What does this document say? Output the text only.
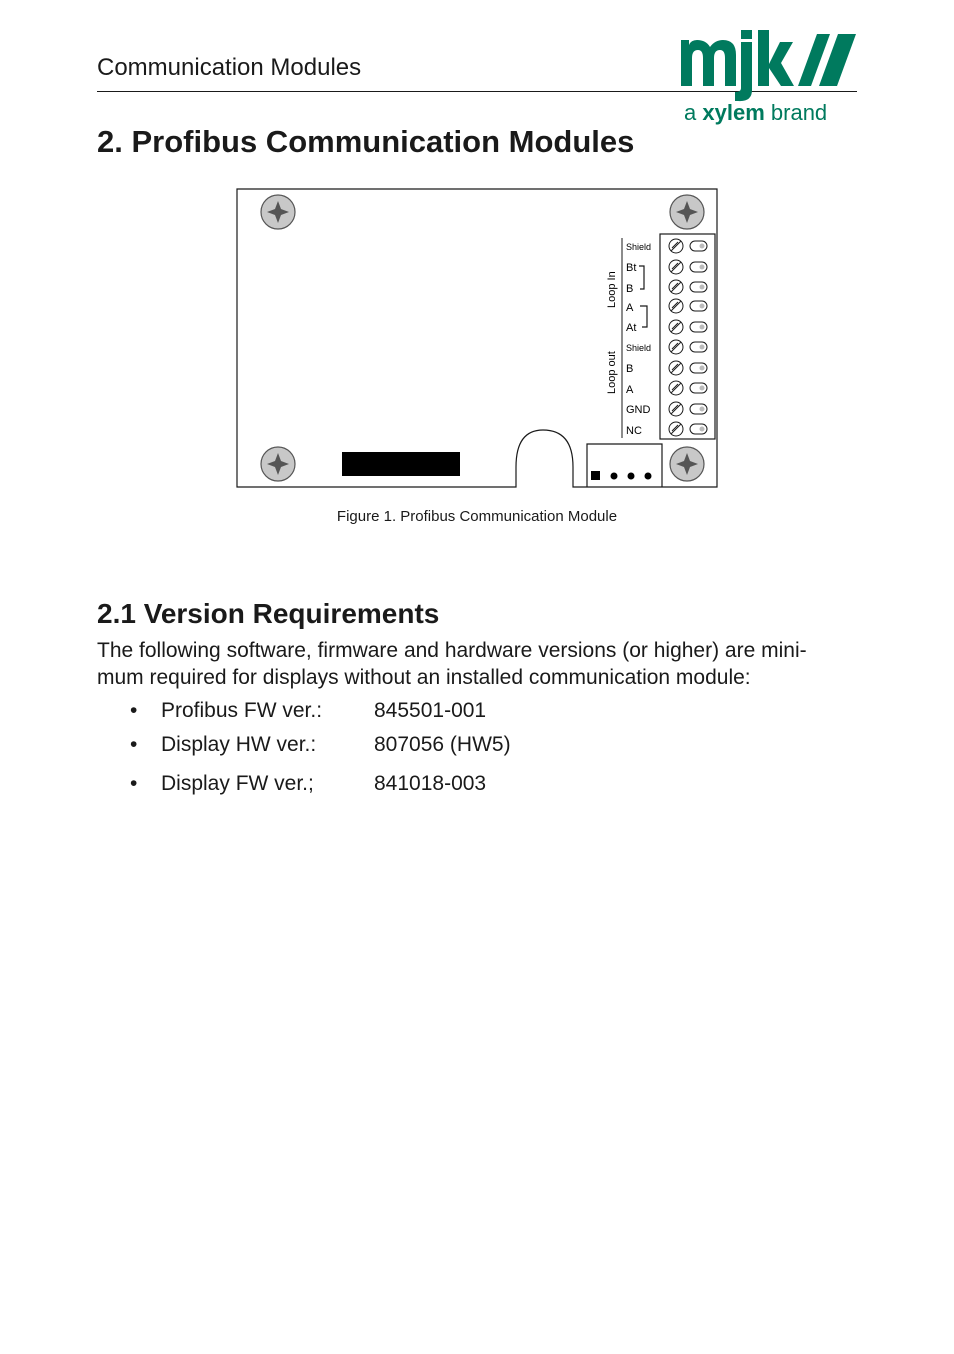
Communication Modules
a xylem brand
2. Profibus Communication Modules
Loop In
Loop out
Shield
Bt
B
A
At
Shield
B
A
GND
NC
Figure 1. Profibus Communication Module
2.1 Version Requirements
The following software, firmware and hardware versions (or higher) are mini-
mum required for displays without an installed communication module:
• Profibus FW ver.: 845501-001
• Display HW ver.:	807056 (HW5)
• Display FW ver.;	841018-003
